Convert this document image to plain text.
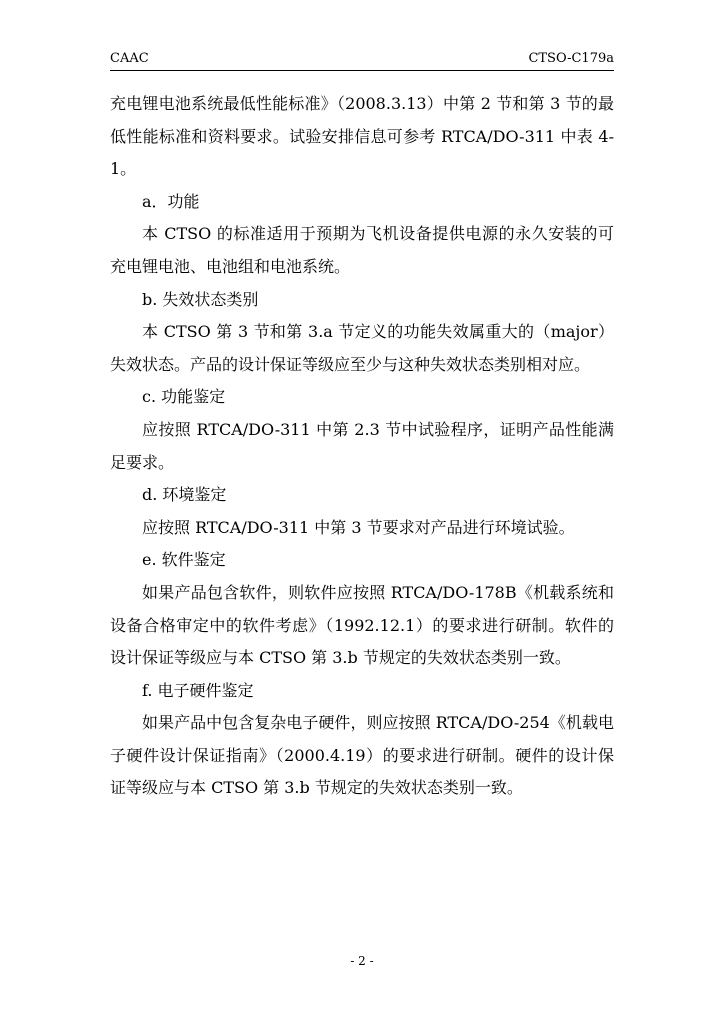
CAAC	CTSO-C179a

充电锂电池系统最低性能标准》（2008.3.13）中第 2 节和第 3 节的最低性能标准和资料要求。试验安排信息可参考 RTCA/DO-311 中表 4-1。

a．功能

本 CTSO 的标准适用于预期为飞机设备提供电源的永久安装的可充电锂电池、电池组和电池系统。

b. 失效状态类别

本 CTSO 第 3 节和第 3.a 节定义的功能失效属重大的（major）失效状态。产品的设计保证等级应至少与这种失效状态类别相对应。

c. 功能鉴定

应按照 RTCA/DO-311 中第 2.3 节中试验程序，证明产品性能满足要求。

d. 环境鉴定

应按照 RTCA/DO-311 中第 3 节要求对产品进行环境试验。

e. 软件鉴定

如果产品包含软件，则软件应按照 RTCA/DO-178B《机载系统和设备合格审定中的软件考虑》（1992.12.1）的要求进行研制。软件的设计保证等级应与本 CTSO 第 3.b 节规定的失效状态类别一致。

f. 电子硬件鉴定

如果产品中包含复杂电子硬件，则应按照 RTCA/DO-254《机载电子硬件设计保证指南》（2000.4.19）的要求进行研制。硬件的设计保证等级应与本 CTSO 第 3.b 节规定的失效状态类别一致。

- 2 -
